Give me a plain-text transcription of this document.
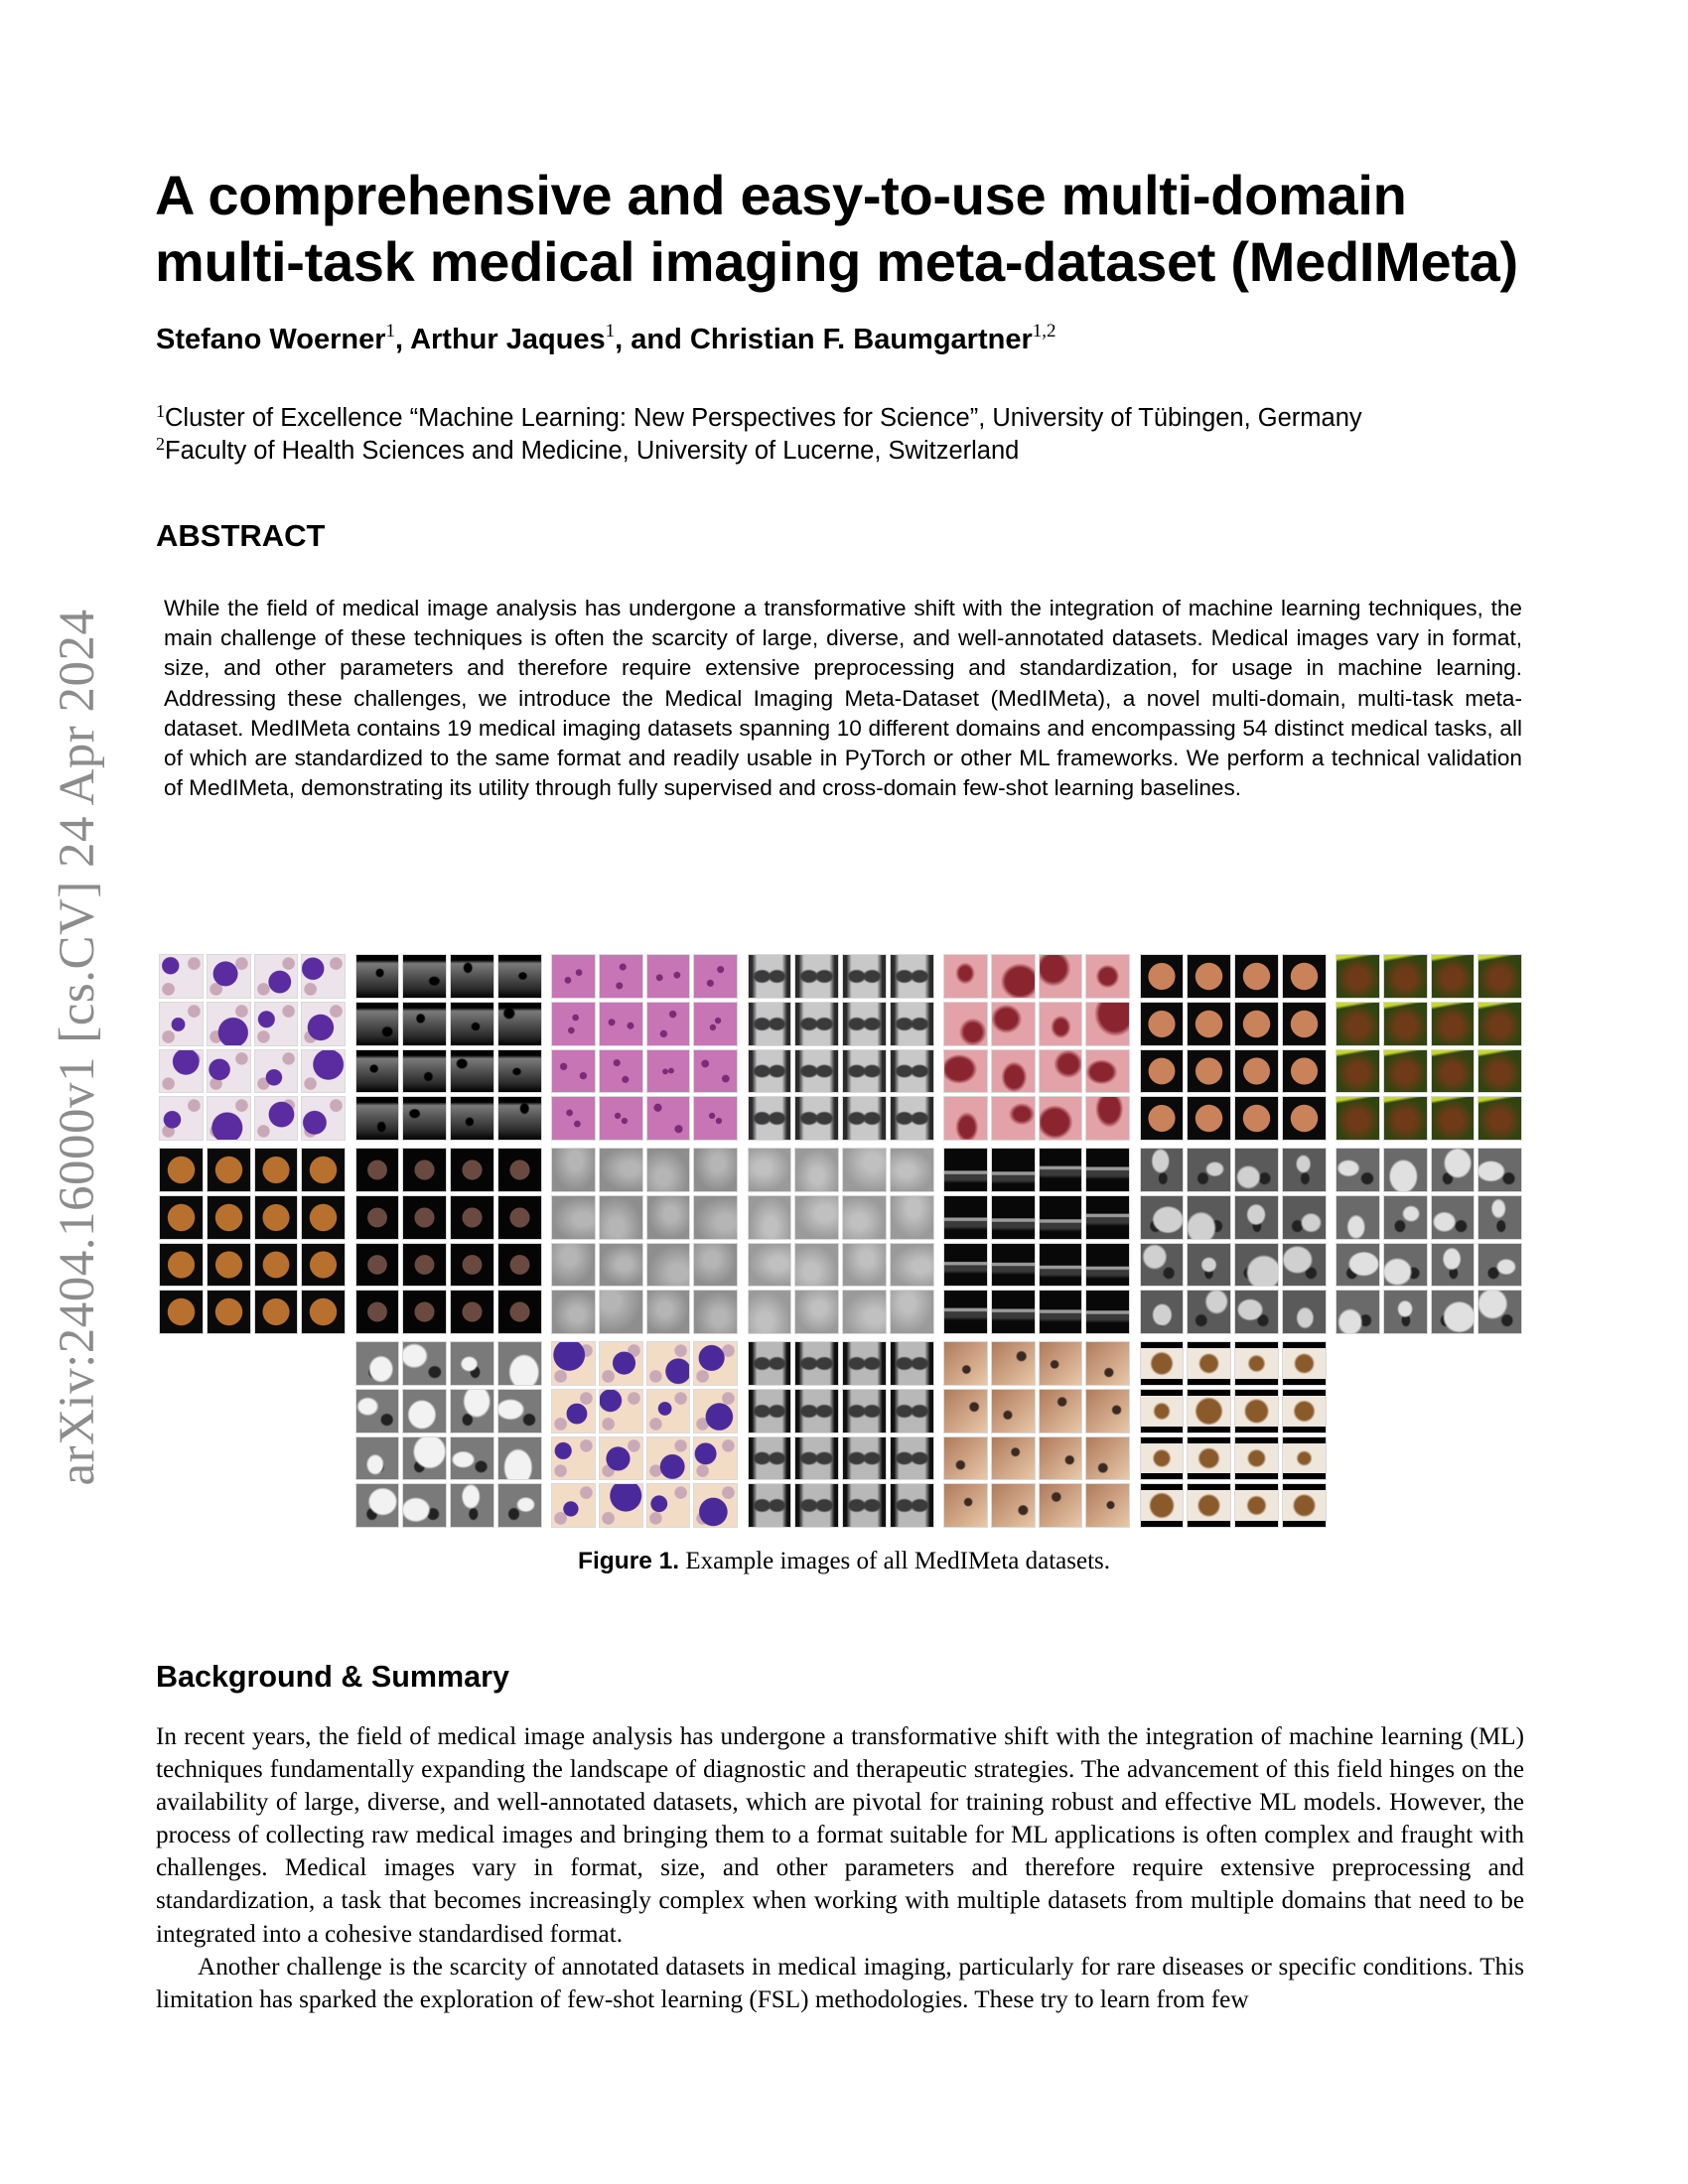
arXiv:2404.16000v1 [cs.CV] 24 Apr 2024
A comprehensive and easy-to-use multi-domain
multi-task medical imaging meta-dataset (MedIMeta)
Stefano Woerner$^1$, Arthur Jaques$^1$, and Christian F. Baumgartner$^{1,2}$
$^1$Cluster of Excellence “Machine Learning: New Perspectives for Science”, University of Tübingen, Germany
$^2$Faculty of Health Sciences and Medicine, University of Lucerne, Switzerland
ABSTRACT
While the field of medical image analysis has undergone a transformative shift with the integration of machine learning techniques, the main challenge of these techniques is often the scarcity of large, diverse, and well-annotated datasets. Medical images vary in format, size, and other parameters and therefore require extensive preprocessing and standardization, for usage in machine learning. Addressing these challenges, we introduce the Medical Imaging Meta-Dataset (MedIMeta), a novel multi-domain, multi-task meta-dataset. MedIMeta contains 19 medical imaging datasets spanning 10 different domains and encompassing 54 distinct medical tasks, all of which are standardized to the same format and readily usable in PyTorch or other ML frameworks. We perform a technical validation of MedIMeta, demonstrating its utility through fully supervised and cross-domain few-shot learning baselines.
Figure 1. Example images of all MedIMeta datasets.
Background & Summary

In recent years, the field of medical image analysis has undergone a transformative shift with the integration of machine learning (ML) techniques fundamentally expanding the landscape of diagnostic and therapeutic strategies. The advancement of this field hinges on the availability of large, diverse, and well-annotated datasets, which are pivotal for training robust and effective ML models. However, the process of collecting raw medical images and bringing them to a format suitable for ML applications is often complex and fraught with challenges. Medical images vary in format, size, and other parameters and therefore require extensive preprocessing and standardization, a task that becomes increasingly complex when working with multiple datasets from multiple domains that need to be integrated into a cohesive standardised format.

Another challenge is the scarcity of annotated datasets in medical imaging, particularly for rare diseases or specific conditions. This limitation has sparked the exploration of few-shot learning (FSL) methodologies. These try to learn from few
